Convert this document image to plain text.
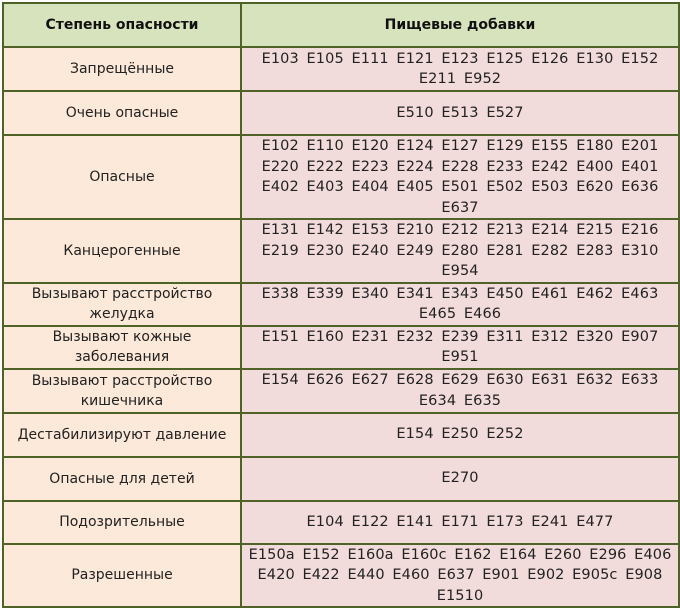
Степень опасности	Пищевые добавки
Запрещённые	E103 E105 E111 E121 E123 E125 E126 E130 E152 E211 E952
Очень опасные	E510 E513 E527
Опасные	E102 E110 E120 E124 E127 E129 E155 E180 E201 E220 E222 E223 E224 E228 E233 E242 E400 E401 E402 E403 E404 E405 E501 E502 E503 E620 E636 E637
Канцерогенные	E131 E142 E153 E210 E212 E213 E214 E215 E216 E219 E230 E240 E249 E280 E281 E282 E283 E310 E954
Вызывают расстройство желудка	E338 E339 E340 E341 E343 E450 E461 E462 E463 E465 E466
Вызывают кожные заболевания	E151 E160 E231 E232 E239 E311 E312 E320 E907 E951
Вызывают расстройство кишечника	E154 E626 E627 E628 E629 E630 E631 E632 E633 E634 E635
Дестабилизируют давление	E154 E250 E252
Опасные для детей	E270
Подозрительные	E104 E122 E141 E171 E173 E241 E477
Разрешенные	E150a E152 E160a E160c E162 E164 E260 E296 E406 E420 E422 E440 E460 E637 E901 E902 E905c E908 E1510
